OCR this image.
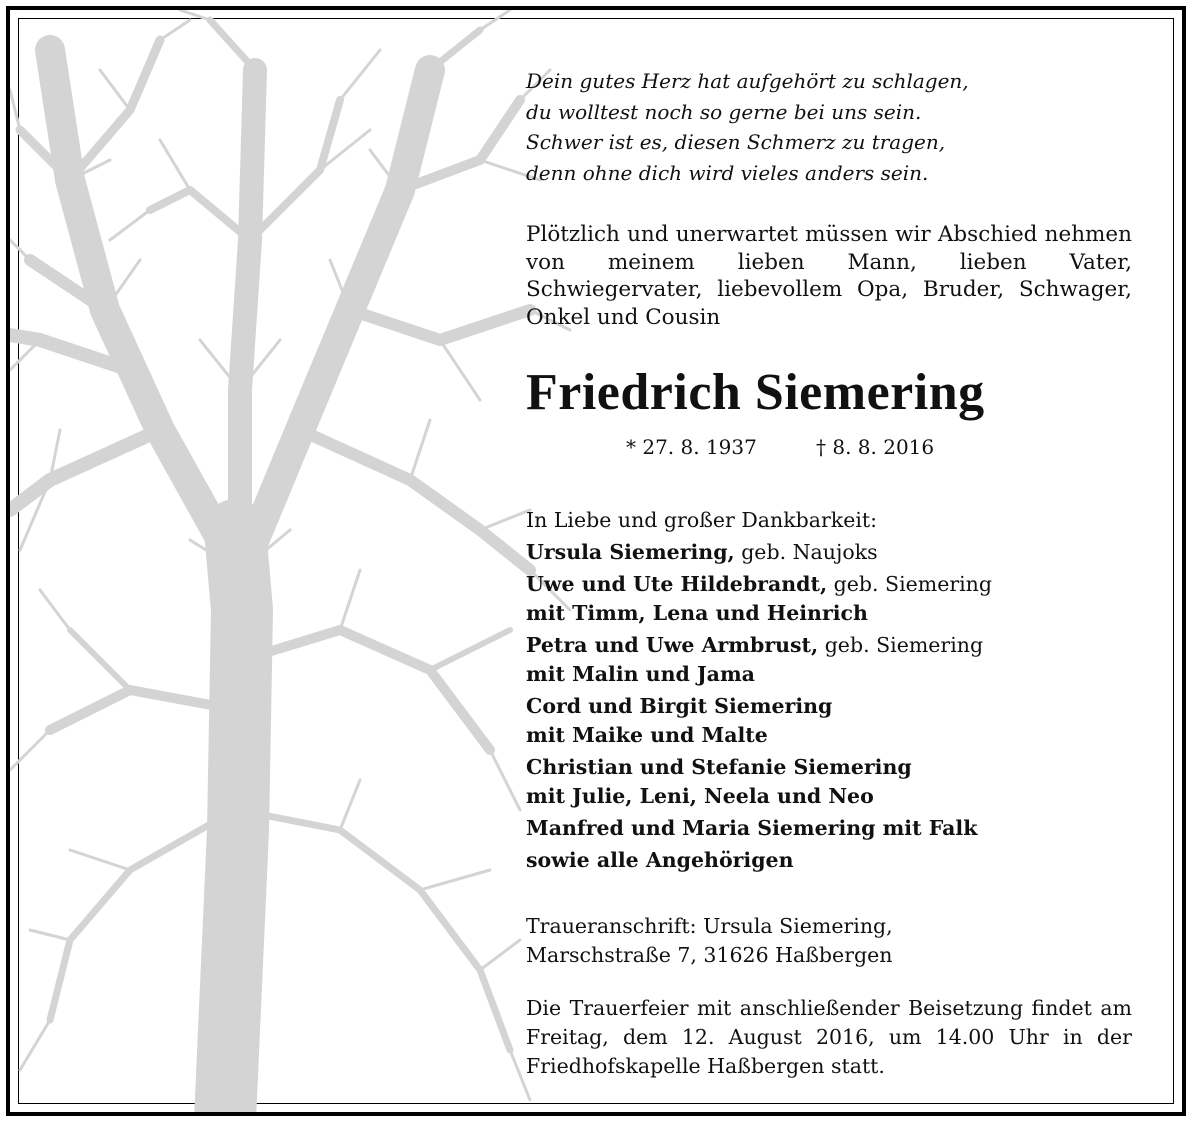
Dein gutes Herz hat aufgehört zu schlagen,
du wolltest noch so gerne bei uns sein.
Schwer ist es, diesen Schmerz zu tragen,
denn ohne dich wird vieles anders sein.
Plötzlich und unerwartet müssen wir Abschied nehmen von meinem lieben Mann, lieben Vater, Schwiegervater, liebevollem Opa, Bruder, Schwager, Onkel und Cousin
Friedrich Siemering
* 27. 8. 1937	† 8. 8. 2016
In Liebe und großer Dankbarkeit:
Ursula Siemering, geb. Naujoks
Uwe und Ute Hildebrandt, geb. Siemering
mit Timm, Lena und Heinrich
Petra und Uwe Armbrust, geb. Siemering
mit Malin und Jama
Cord und Birgit Siemering
mit Maike und Malte
Christian und Stefanie Siemering
mit Julie, Leni, Neela und Neo
Manfred und Maria Siemering mit Falk
sowie alle Angehörigen
Traueranschrift: Ursula Siemering,
Marschstraße 7, 31626 Haßbergen
Die Trauerfeier mit anschließender Beisetzung findet am Freitag, dem 12. August 2016, um 14.00 Uhr in der Friedhofskapelle Haßbergen statt.
